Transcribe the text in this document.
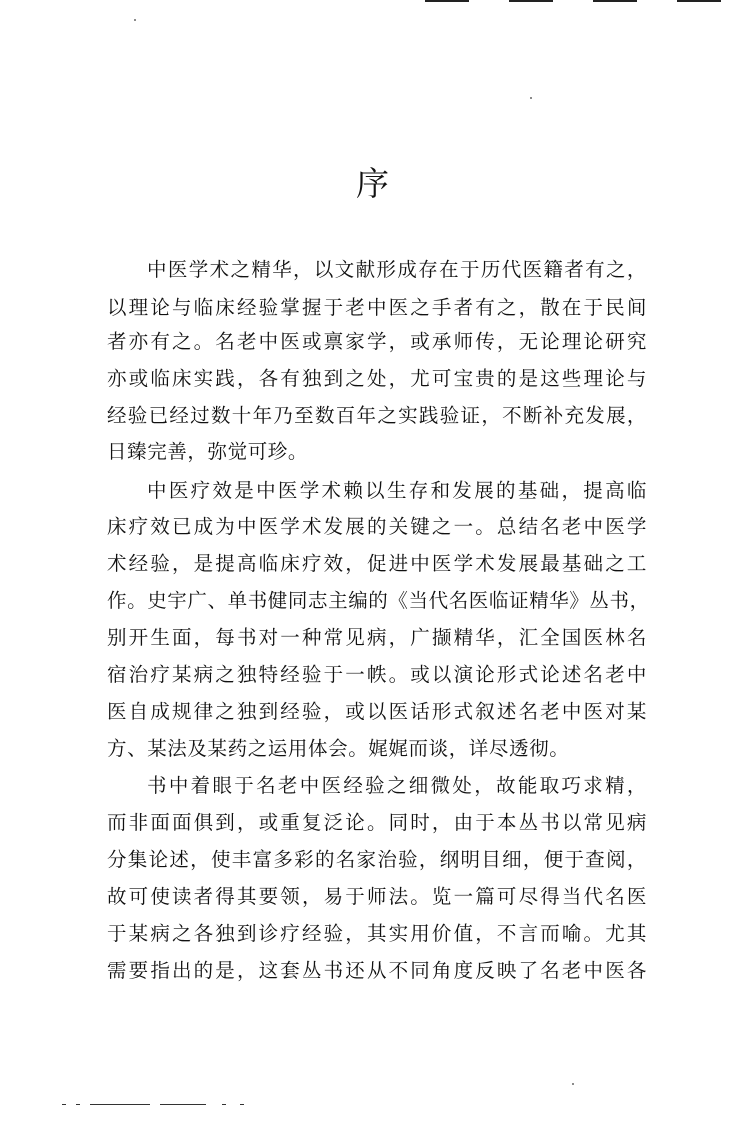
序
中医学术之精华，以文献形成存在于历代医籍者有之，
以理论与临床经验掌握于老中医之手者有之，散在于民间
者亦有之。名老中医或禀家学，或承师传，无论理论研究
亦或临床实践，各有独到之处，尤可宝贵的是这些理论与
经验已经过数十年乃至数百年之实践验证，不断补充发展，
日臻完善，弥觉可珍。
中医疗效是中医学术赖以生存和发展的基础，提高临
床疗效已成为中医学术发展的关键之一。总结名老中医学
术经验，是提高临床疗效，促进中医学术发展最基础之工
作。史宇广、单书健同志主编的《当代名医临证精华》丛书，
别开生面，每书对一种常见病，广撷精华，汇全国医林名
宿治疗某病之独特经验于一帙。或以演论形式论述名老中
医自成规律之独到经验，或以医话形式叙述名老中医对某
方、某法及某药之运用体会。娓娓而谈，详尽透彻。
书中着眼于名老中医经验之细微处，故能取巧求精，
而非面面俱到，或重复泛论。同时，由于本丛书以常见病
分集论述，使丰富多彩的名家治验，纲明目细，便于查阅，
故可使读者得其要领，易于师法。览一篇可尽得当代名医
于某病之各独到诊疗经验，其实用价值，不言而喻。尤其
需要指出的是，这套丛书还从不同角度反映了名老中医各
